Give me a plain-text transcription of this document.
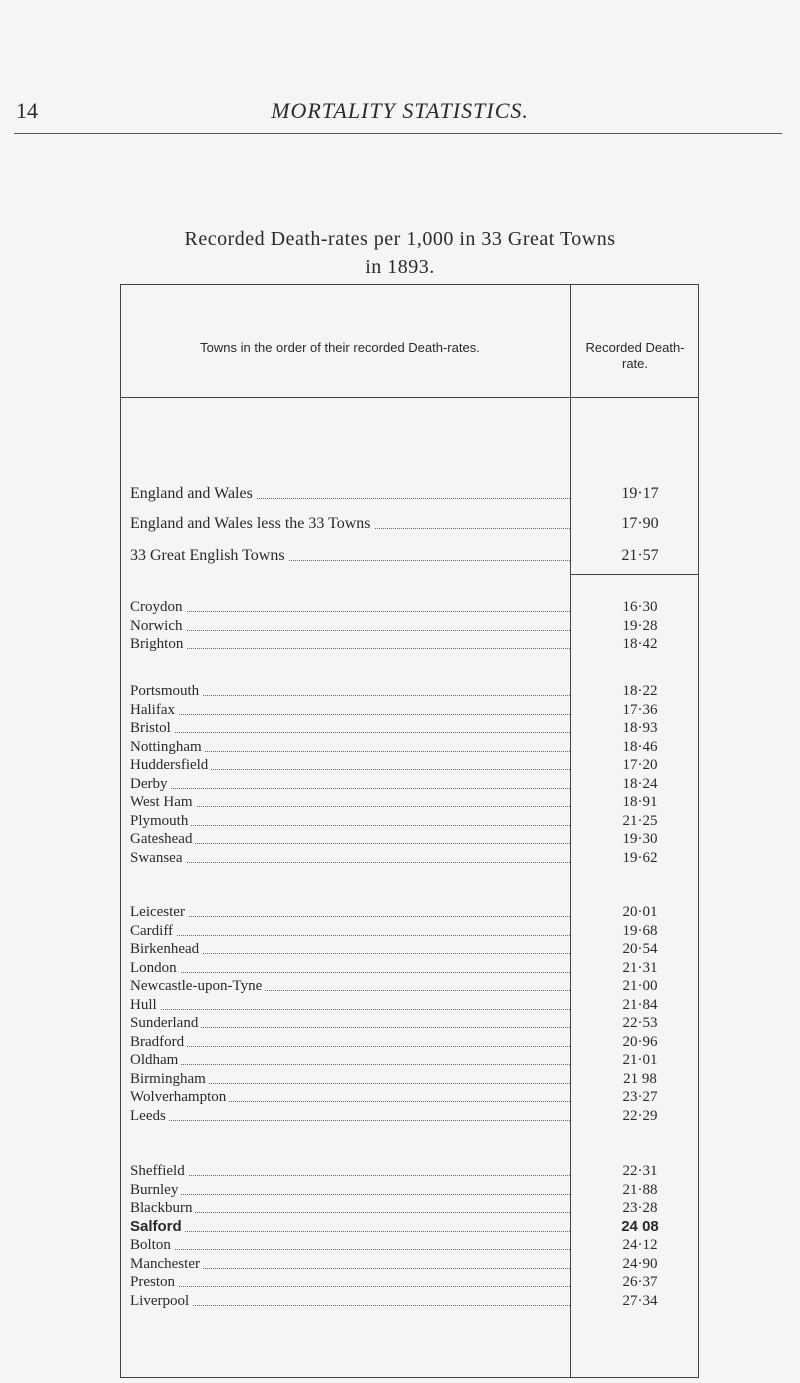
14	MORTALITY STATISTICS.
Recorded Death-rates per 1,000 in 33 Great Towns
in 1893.
Towns in the order of their recorded Death-rates.	Recorded Death-rate.
England and Wales	19·17
England and Wales less the 33 Towns	17·90
33 Great English Towns	21·57
Croydon	16·30
Norwich	19·28
Brighton	18·42
Portsmouth	18·22
Halifax	17·36
Bristol	18·93
Nottingham	18·46
Huddersfield	17·20
Derby	18·24
West Ham	18·91
Plymouth	21·25
Gateshead	19·30
Swansea	19·62
Leicester	20·01
Cardiff	19·68
Birkenhead	20·54
London	21·31
Newcastle-upon-Tyne	21·00
Hull	21·84
Sunderland	22·53
Bradford	20·96
Oldham	21·01
Birmingham	21 98
Wolverhampton	23·27
Leeds	22·29
Sheffield	22·31
Burnley	21·88
Blackburn	23·28
Salford	24 08
Bolton	24·12
Manchester	24·90
Preston	26·37
Liverpool	27·34
